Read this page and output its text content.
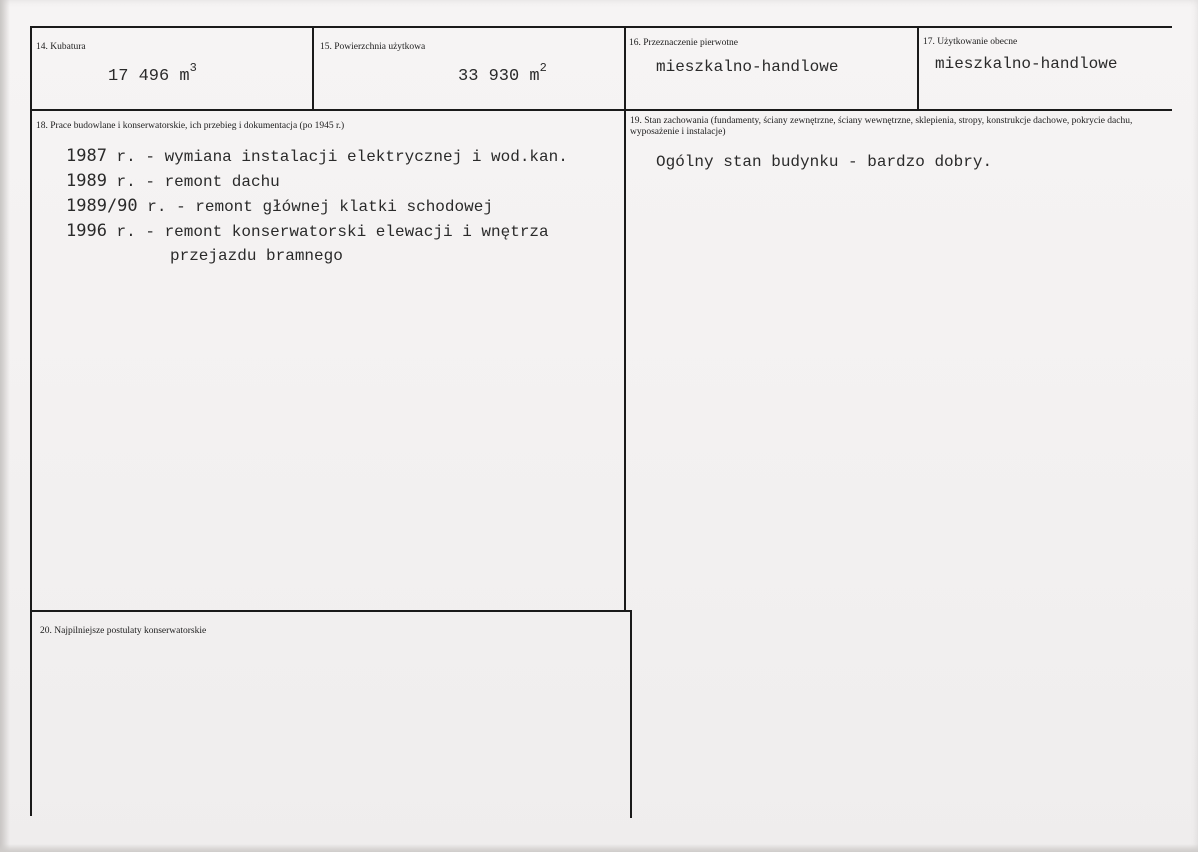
14. Kubatura
17 496 $m^3$
15. Powierzchnia użytkowa
33 930 $m^2$
16. Przeznaczenie pierwotne
mieszkalno-handlowe
17. Użytkowanie obecne
mieszkalno-handlowe
18. Prace budowlane i konserwatorskie, ich przebieg i dokumentacja (po 1945 r.)
1987 r. - wymiana instalacji elektrycznej i wod.kan.
1989 r. - remont dachu
1989/90 r. - remont głównej klatki schodowej
1996 r. - remont konserwatorski elewacji i wnętrza
przejazdu bramnego
19. Stan zachowania (fundamenty, ściany zewnętrzne, ściany wewnętrzne, sklepienia, stropy, konstrukcje dachowe, pokrycie dachu, wyposażenie i instalacje)
Ogólny stan budynku - bardzo dobry.
20. Najpilniejsze postulaty konserwatorskie
